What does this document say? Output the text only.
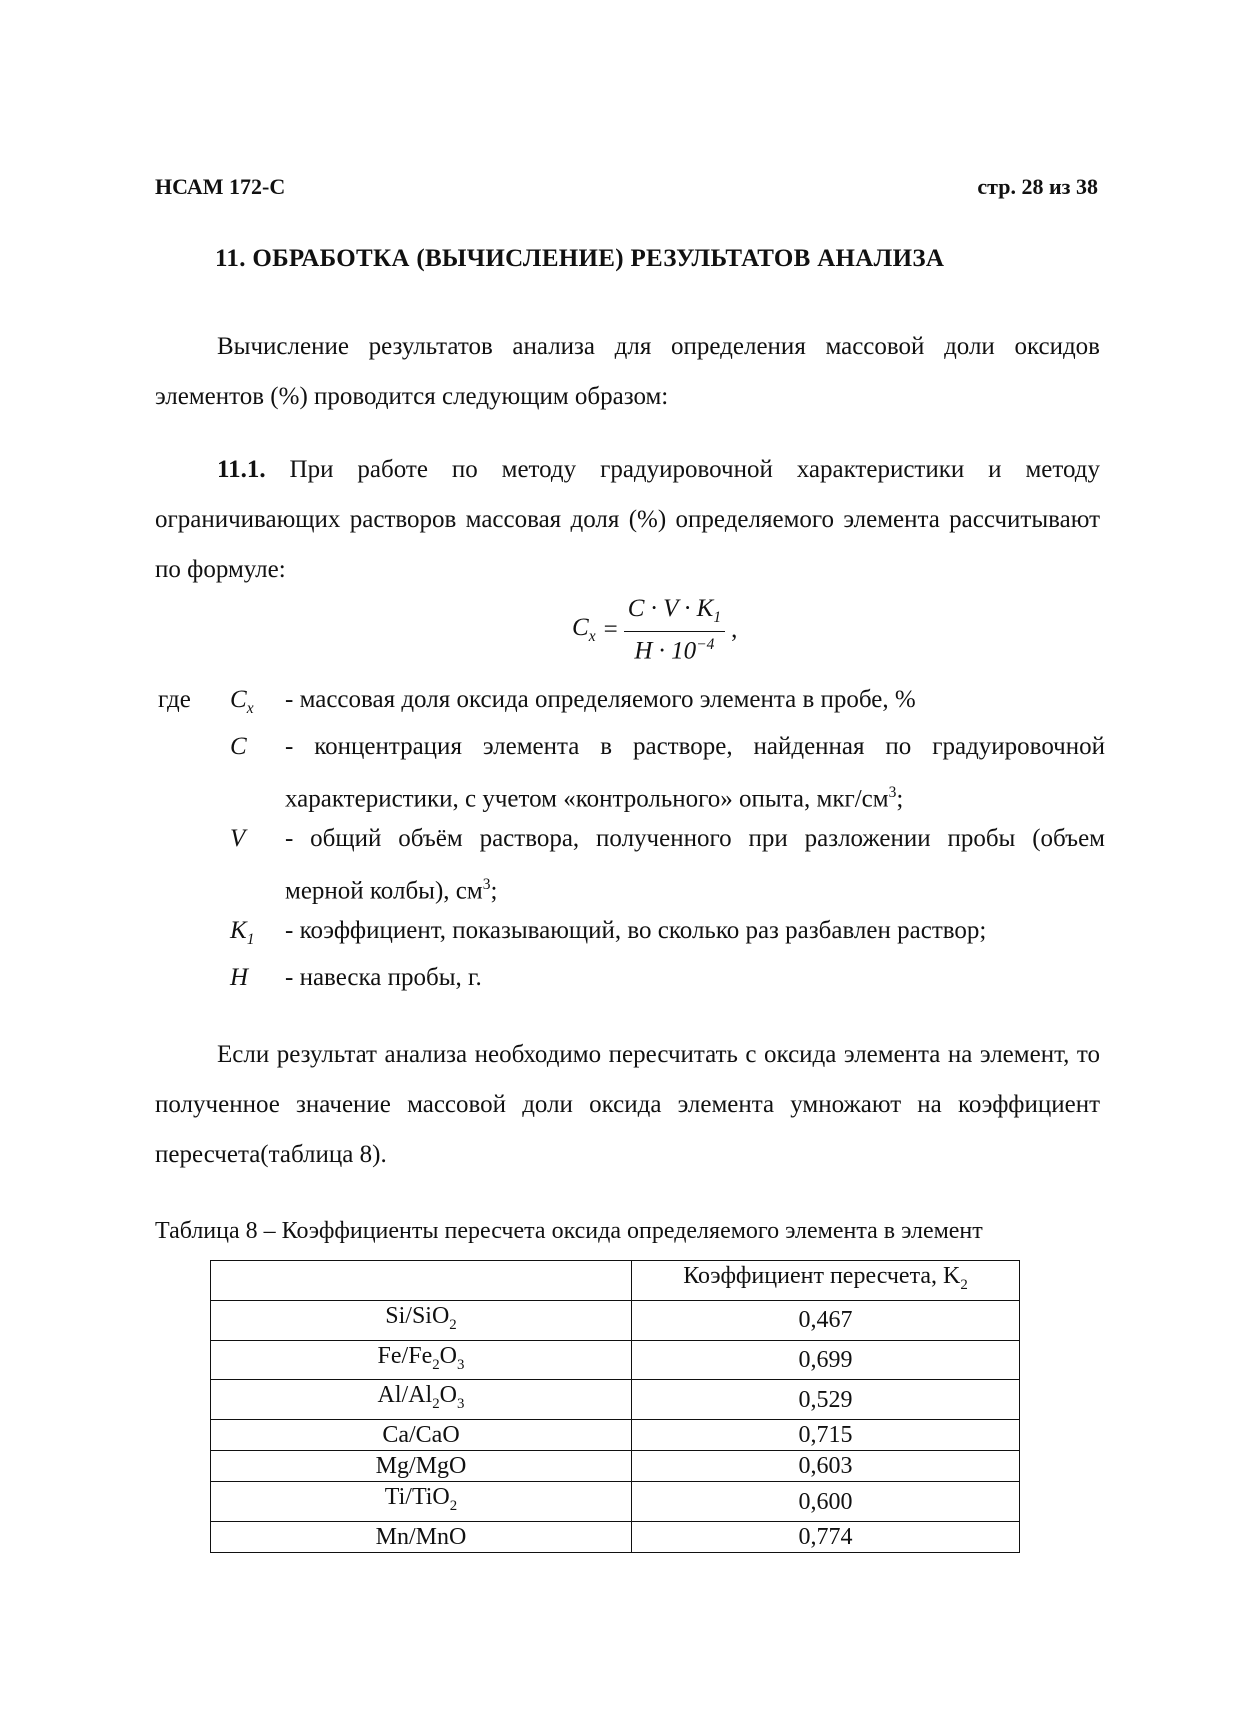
НСАМ 172-С	стр. 28 из 38
11. ОБРАБОТКА (ВЫЧИСЛЕНИЕ) РЕЗУЛЬТАТОВ АНАЛИЗА
Вычисление результатов анализа для определения массовой доли оксидов элементов (%) проводится следующим образом:
11.1. При работе по методу градуировочной характеристики и методу ограничивающих растворов массовая доля (%) определяемого элемента рассчитывают по формуле:
$C_x = \frac{C \cdot V \cdot K_1}{H \cdot 10^{-4}}$ ,
где $C_x$ - массовая доля оксида определяемого элемента в пробе, %
C - концентрация элемента в растворе, найденная по градуировочной характеристики, с учетом «контрольного» опыта, мкг/$см^3$;
V - общий объём раствора, полученного при разложении пробы (объем мерной колбы), $см^3$;
$K_1$ - коэффициент, показывающий, во сколько раз разбавлен раствор;
H - навеска пробы, г.
Если результат анализа необходимо пересчитать с оксида элемента на элемент, то полученное значение массовой доли оксида элемента умножают на коэффициент пересчета(таблица 8).
Таблица 8 – Коэффициенты пересчета оксида определяемого элемента в элемент
	Коэффициент пересчета, $K_2$
Si/SiO$_2$	0,467
$Fe/Fe_2O_3$	0,699
$Al/Al_2O_3$	0,529
Ca/CaO	0,715
Mg/MgO	0,603
Ti/TiO$_2$	0,600
Mn/MnO	0,774
